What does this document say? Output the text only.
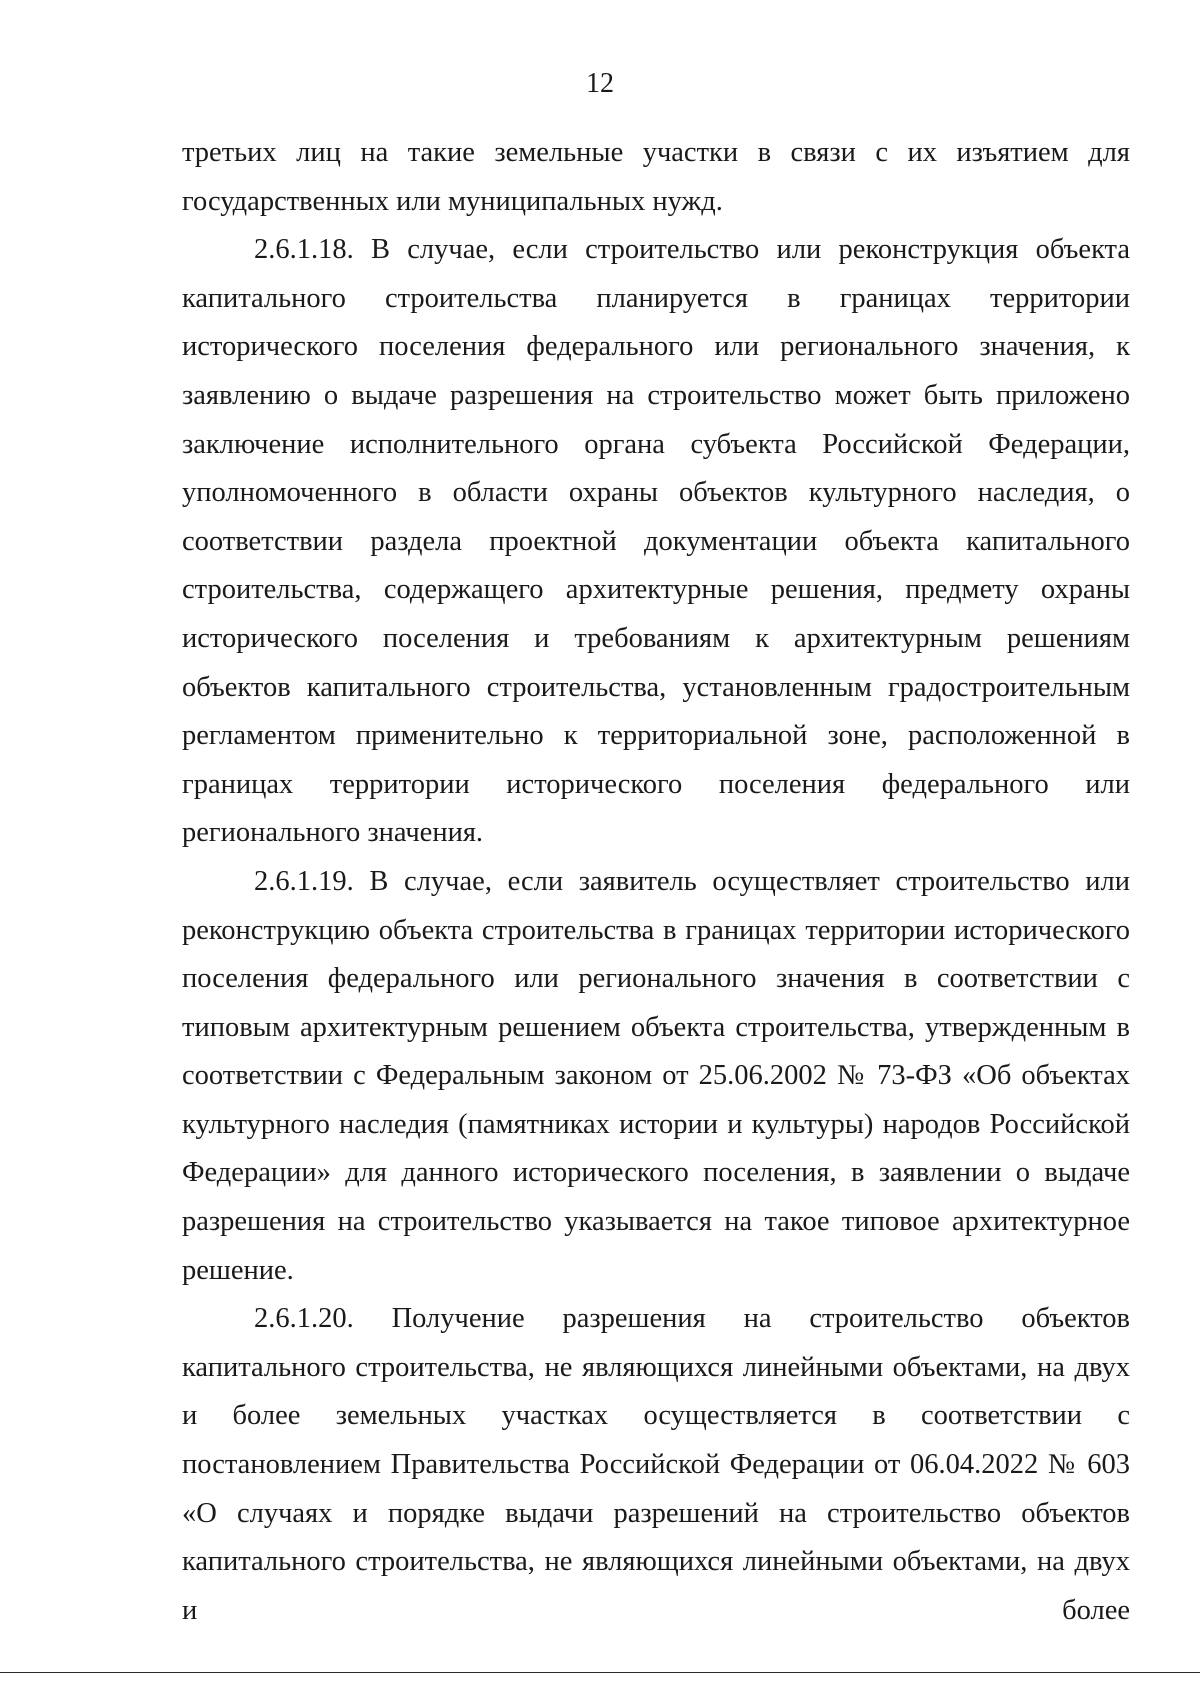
12

третьих лиц на такие земельные участки в связи с их изъятием для государственных или муниципальных нужд.

2.6.1.18. В случае, если строительство или реконструкция объекта капитального строительства планируется в границах территории исторического поселения федерального или регионального значения, к заявлению о выдаче разрешения на строительство может быть приложено заключение исполнительного органа субъекта Российской Федерации, уполномоченного в области охраны объектов культурного наследия, о соответствии раздела проектной документации объекта капитального строительства, содержащего архитектурные решения, предмету охраны исторического поселения и требованиям к архитектурным решениям объектов капитального строительства, установленным градостроительным регламентом применительно к территориальной зоне, расположенной в границах территории исторического поселения федерального или регионального значения.

2.6.1.19. В случае, если заявитель осуществляет строительство или реконструкцию объекта строительства в границах территории исторического поселения федерального или регионального значения в соответствии с типовым архитектурным решением объекта строительства, утвержденным в соответствии с Федеральным законом от 25.06.2002 № 73-ФЗ «Об объектах культурного наследия (памятниках истории и культуры) народов Российской Федерации» для данного исторического поселения, в заявлении о выдаче разрешения на строительство указывается на такое типовое архитектурное решение.

2.6.1.20. Получение разрешения на строительство объектов капитального строительства, не являющихся линейными объектами, на двух и более земельных участках осуществляется в соответствии с постановлением Правительства Российской Федерации от 06.04.2022 № 603 «О случаях и порядке выдачи разрешений на строительство объектов капитального строительства, не являющихся линейными объектами, на двух и более
